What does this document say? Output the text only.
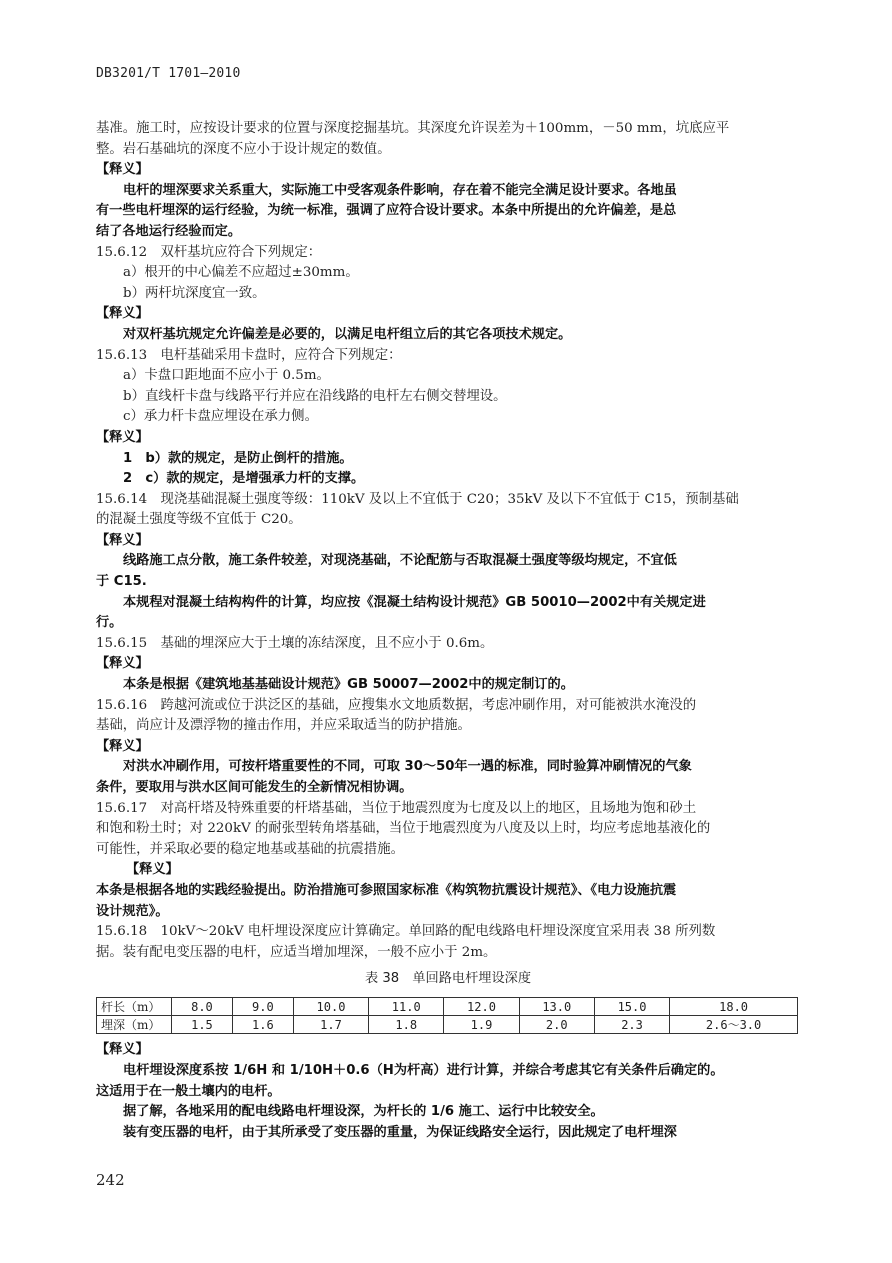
DB3201/T 1701—2010
基准。施工时，应按设计要求的位置与深度挖掘基坑。其深度允许误差为＋100mm，－50 mm，坑底应平
整。岩石基础坑的深度不应小于设计规定的数值。
【释义】
电杆的埋深要求关系重大，实际施工中受客观条件影响，存在着不能完全满足设计要求。各地虽
有一些电杆埋深的运行经验，为统一标准，强调了应符合设计要求。本条中所提出的允许偏差，是总
结了各地运行经验而定。
15.6.12　双杆基坑应符合下列规定：
a）根开的中心偏差不应超过±30mm。
b）两杆坑深度宜一致。
【释义】
对双杆基坑规定允许偏差是必要的，以满足电杆组立后的其它各项技术规定。
15.6.13　电杆基础采用卡盘时，应符合下列规定：
a）卡盘口距地面不应小于 0.5m。
b）直线杆卡盘与线路平行并应在沿线路的电杆左右侧交替埋设。
c）承力杆卡盘应埋设在承力侧。
【释义】
1　b）款的规定，是防止倒杆的措施。
2　c）款的规定，是增强承力杆的支撑。
15.6.14　现浇基础混凝土强度等级：110kV 及以上不宜低于 C20；35kV 及以下不宜低于 C15，预制基础
的混凝土强度等级不宜低于 C20。
【释义】
线路施工点分散，施工条件较差，对现浇基础，不论配筋与否取混凝土强度等级均规定，不宜低
于 C15.
本规程对混凝土结构构件的计算，均应按《混凝土结构设计规范》GB 50010—2002中有关规定进
行。
15.6.15　基础的埋深应大于土壤的冻结深度，且不应小于 0.6m。
【释义】
本条是根据《建筑地基基础设计规范》GB 50007—2002中的规定制订的。
15.6.16　跨越河流或位于洪泛区的基础，应搜集水文地质数据，考虑冲刷作用，对可能被洪水淹没的
基础，尚应计及漂浮物的撞击作用，并应采取适当的防护措施。
【释义】
对洪水冲刷作用，可按杆塔重要性的不同，可取 30～50年一遇的标准，同时验算冲刷情况的气象
条件，要取用与洪水区间可能发生的全新情况相协调。
15.6.17　对高杆塔及特殊重要的杆塔基础，当位于地震烈度为七度及以上的地区，且场地为饱和砂土
和饱和粉土时；对 220kV 的耐张型转角塔基础，当位于地震烈度为八度及以上时，均应考虑地基液化的
可能性，并采取必要的稳定地基或基础的抗震措施。
【释义】
本条是根据各地的实践经验提出。防治措施可参照国家标准《构筑物抗震设计规范》、《电力设施抗震
设计规范》。
15.6.18　10kV～20kV 电杆埋设深度应计算确定。单回路的配电线路电杆埋设深度宜采用表 38 所列数
据。装有配电变压器的电杆，应适当增加埋深，一般不应小于 2m。
表 38　单回路电杆埋设深度
杆长（m）	8.0	9.0	10.0	11.0	12.0	13.0	15.0	18.0
埋深（m）	1.5	1.6	1.7	1.8	1.9	2.0	2.3	2.6～3.0
【释义】
电杆埋设深度系按 1/6H 和 1/10H＋0.6（H为杆高）进行计算，并综合考虑其它有关条件后确定的。
这适用于在一般土壤内的电杆。
据了解，各地采用的配电线路电杆埋设深，为杆长的 1/6 施工、运行中比较安全。
装有变压器的电杆，由于其所承受了变压器的重量，为保证线路安全运行，因此规定了电杆埋深
242
